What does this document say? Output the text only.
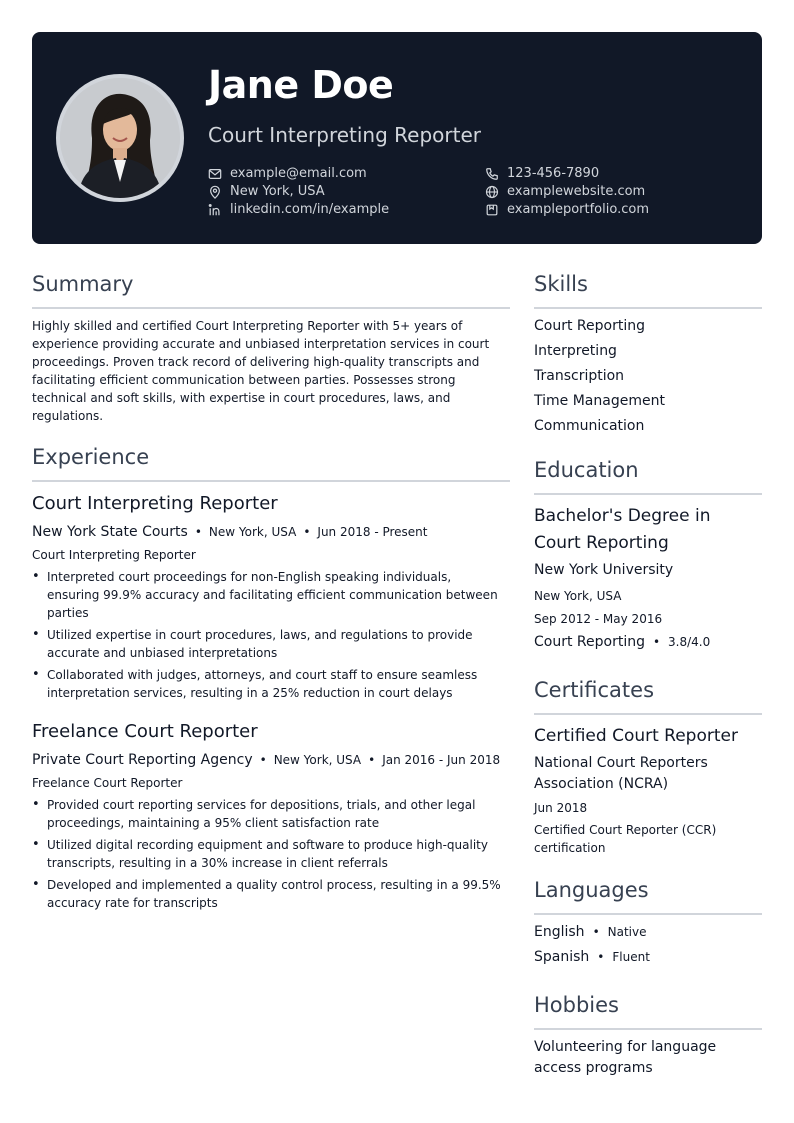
Jane Doe
Court Interpreting Reporter
example@email.com	123-456-7890
New York, USA	examplewebsite.com
linkedin.com/in/example	exampleportfolio.com
Summary
Highly skilled and certified Court Interpreting Reporter with 5+ years of
experience providing accurate and unbiased interpretation services in court
proceedings. Proven track record of delivering high-quality transcripts and
facilitating efficient communication between parties. Possesses strong
technical and soft skills, with expertise in court procedures, laws, and
regulations.
Experience
Court Interpreting Reporter
New York State Courts • New York, USA • Jun 2018 - Present
Court Interpreting Reporter
• Interpreted court proceedings for non-English speaking individuals,
ensuring 99.9% accuracy and facilitating efficient communication between
parties
• Utilized expertise in court procedures, laws, and regulations to provide
accurate and unbiased interpretations
• Collaborated with judges, attorneys, and court staff to ensure seamless
interpretation services, resulting in a 25% reduction in court delays
Freelance Court Reporter
Private Court Reporting Agency • New York, USA • Jan 2016 - Jun 2018
Freelance Court Reporter
• Provided court reporting services for depositions, trials, and other legal
proceedings, maintaining a 95% client satisfaction rate
• Utilized digital recording equipment and software to produce high-quality
transcripts, resulting in a 30% increase in client referrals
• Developed and implemented a quality control process, resulting in a 99.5%
accuracy rate for transcripts
Skills
Court Reporting
Interpreting
Transcription
Time Management
Communication
Education
Bachelor's Degree in
Court Reporting
New York University
New York, USA
Sep 2012 - May 2016
Court Reporting • 3.8/4.0
Certificates
Certified Court Reporter
National Court Reporters
Association (NCRA)
Jun 2018
Certified Court Reporter (CCR)
certification
Languages
English • Native
Spanish • Fluent
Hobbies
Volunteering for language
access programs
